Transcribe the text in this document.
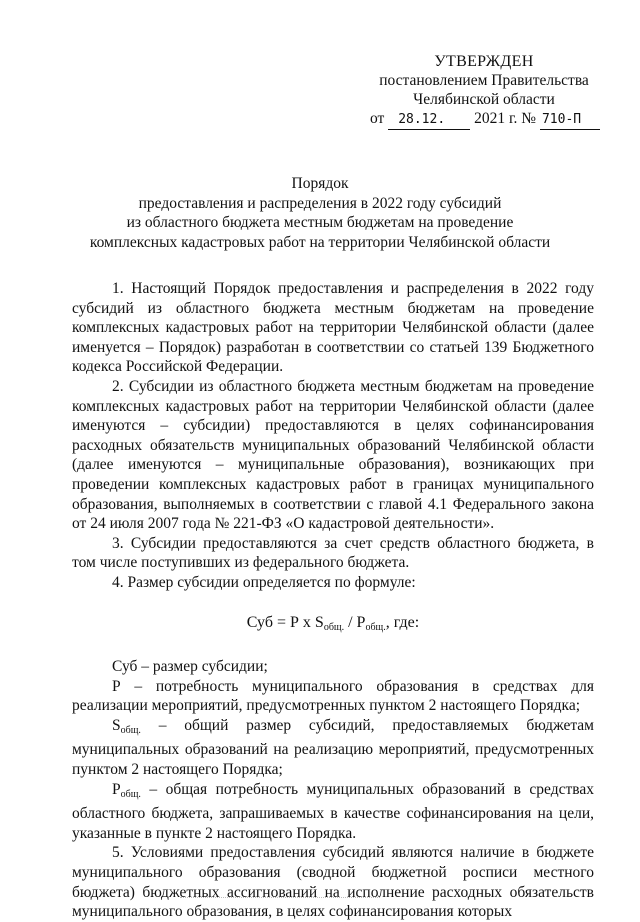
УТВЕРЖДЕН
постановлением Правительства
Челябинской области
от 28.12. 2021 г. № 710-П
Порядок
предоставления и распределения в 2022 году субсидий
из областного бюджета местным бюджетам на проведение
комплексных кадастровых работ на территории Челябинской области

1. Настоящий Порядок предоставления и распределения в 2022 году субсидий из областного бюджета местным бюджетам на проведение комплексных кадастровых работ на территории Челябинской области (далее именуется – Порядок) разработан в соответствии со статьей 139 Бюджетного кодекса Российской Федерации.

2. Субсидии из областного бюджета местным бюджетам на проведение комплексных кадастровых работ на территории Челябинской области (далее именуются – субсидии) предоставляются в целях софинансирования расходных обязательств муниципальных образований Челябинской области (далее именуются – муниципальные образования), возникающих при проведении комплексных кадастровых работ в границах муниципального образования, выполняемых в соответствии с главой 4.1 Федерального закона от 24 июля 2007 года № 221-ФЗ «О кадастровой деятельности».

3. Субсидии предоставляются за счет средств областного бюджета, в том числе поступивших из федерального бюджета.

4. Размер субсидии определяется по формуле:

Суб = Р х $S_{общ.} / Р_{общ.}$, где:

Суб – размер субсидии;

Р – потребность муниципального образования в средствах для реализации мероприятий, предусмотренных пунктом 2 настоящего Порядка;

$S_{общ.}$ – общий размер субсидий, предоставляемых бюджетам муниципальных образований на реализацию мероприятий, предусмотренных пунктом 2 настоящего Порядка;

$Р_{общ.}$ – общая потребность муниципальных образований в средствах областного бюджета, запрашиваемых в качестве софинансирования на цели, указанные в пункте 2 настоящего Порядка.

5. Условиями предоставления субсидий являются наличие в бюджете муниципального образования (сводной бюджетной росписи местного бюджета) бюджетных ассигнований на исполнение расходных обязательств муниципального образования, в целях софинансирования которых
